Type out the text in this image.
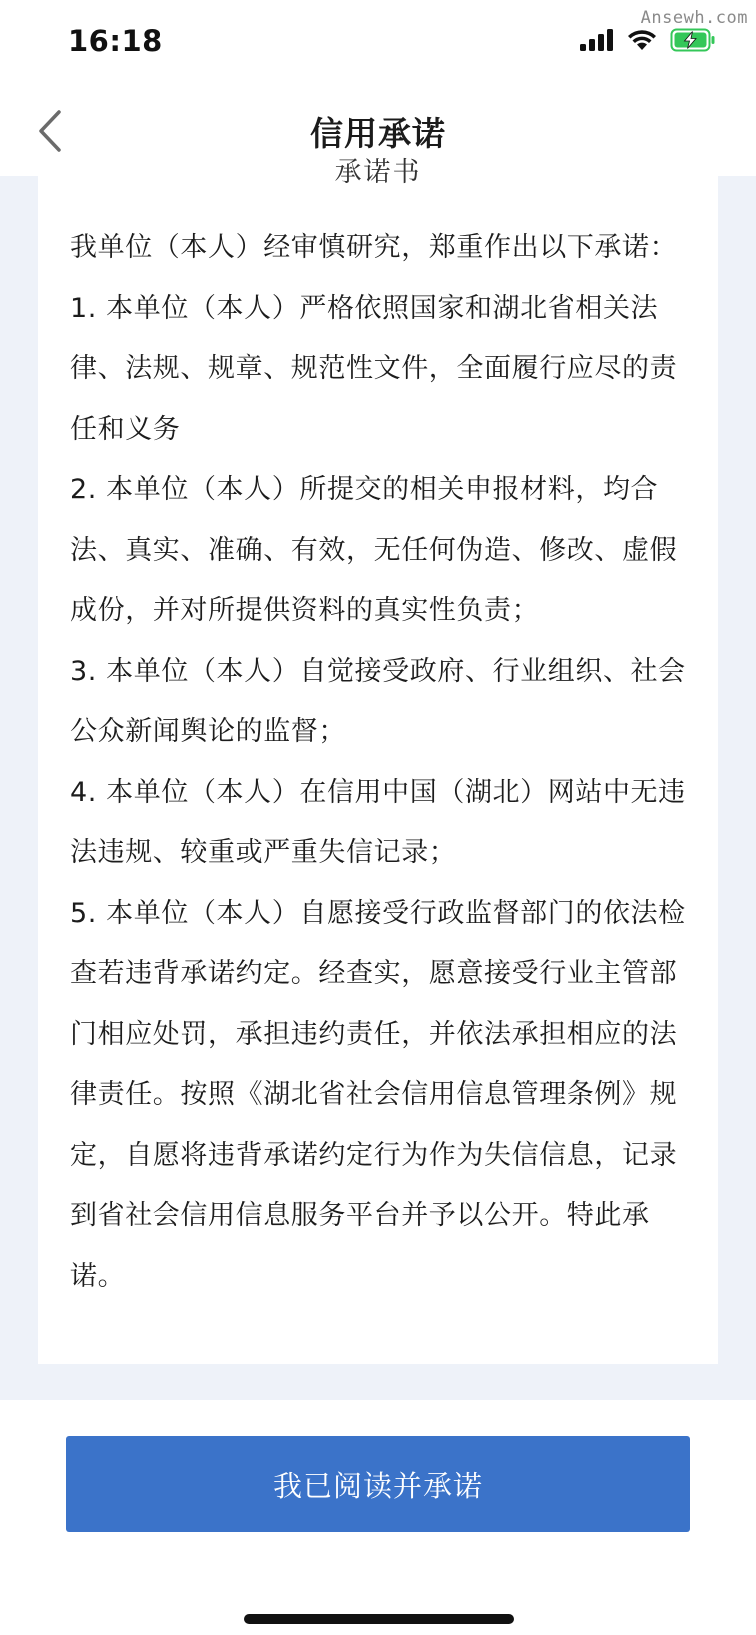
16:18
Ansewh.com
信用承诺
承诺书

我单位（本人）经审慎研究，郑重作出以下承诺：

1. 本单位（本人）严格依照国家和湖北省相关法律、法规、规章、规范性文件，全面履行应尽的责任和义务

2. 本单位（本人）所提交的相关申报材料，均合法、真实、准确、有效，无任何伪造、修改、虚假成份，并对所提供资料的真实性负责；

3. 本单位（本人）自觉接受政府、行业组织、社会公众新闻舆论的监督；

4. 本单位（本人）在信用中国（湖北）网站中无违法违规、较重或严重失信记录；

5. 本单位（本人）自愿接受行政监督部门的依法检查若违背承诺约定。经查实，愿意接受行业主管部门相应处罚，承担违约责任，并依法承担相应的法律责任。按照《湖北省社会信用信息管理条例》规定，自愿将违背承诺约定行为作为失信信息，记录到省社会信用信息服务平台并予以公开。特此承诺。

我已阅读并承诺
